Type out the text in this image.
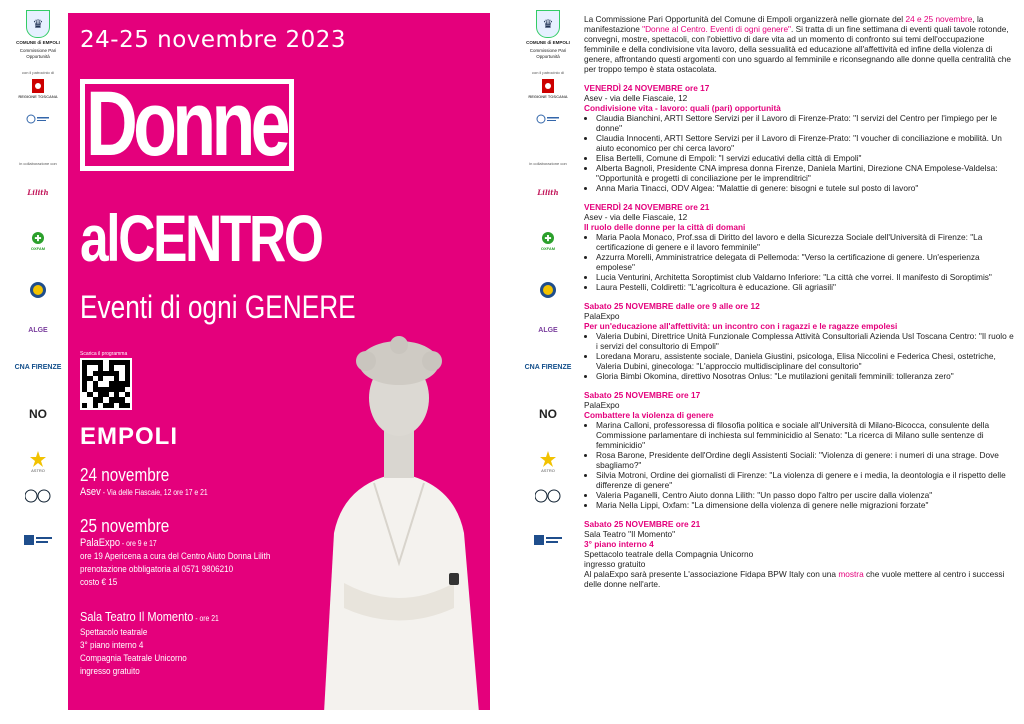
♛
COMUNE di EMPOLI
Commissione Pari Opportunità
con il patrocinio di
REGIONE TOSCANA
in collaborazione con
Lilith
✚
OXFAM
ALGE
CNA FIRENZE
NO
ASTRO
24-25 novembre 2023
Donne
alCENTRO
Eventi di ogni GENERE
Scarica il programma
EMPOLI
24 novembre
Asev - Via delle Fiascaie, 12 ore 17 e 21
25 novembre
PalaExpo - ore 9 e 17
ore 19 Apericena a cura del Centro Aiuto Donna Lilith
prenotazione obbligatoria al 0571 9806210
costo € 15
Sala Teatro Il Momento - ore 21
Spettacolo teatrale
3° piano interno 4
Compagnia Teatrale Unicorno
ingresso gratuito
♛
COMUNE di EMPOLI
Commissione Pari Opportunità
con il patrocinio di
REGIONE TOSCANA
in collaborazione con
Lilith
✚
OXFAM
ALGE
CNA FIRENZE
NO
ASTRO

La Commissione Pari Opportunità del Comune di Empoli organizzerà nelle giornate del 24 e 25 novembre, la manifestazione "Donne al Centro. Eventi di ogni genere". Si tratta di un fine settimana di eventi quali tavole rotonde, convegni, mostre, spettacoli, con l'obiettivo di dare vita ad un momento di confronto sui temi dell'occupazione femminile e della condivisione vita lavoro, della sessualità ed educazione all'affettività ed infine della violenza di genere, affrontando questi argomenti con uno sguardo al femminile e riconsegnando alle donne quella centralità che per troppo tempo è stata ostacolata.

VENERDÌ 24 NOVEMBRE ore 17
Asev - via delle Fiascaie, 12
Condivisione vita - lavoro: quali (pari) opportunità
• Claudia Bianchini, ARTI Settore Servizi per il Lavoro di Firenze-Prato: "I servizi del Centro per l'impiego per le donne"
• Claudia Innocenti, ARTI Settore Servizi per il Lavoro di Firenze-Prato: "I voucher di conciliazione e mobilità. Un aiuto economico per chi cerca lavoro"
• Elisa Bertelli, Comune di Empoli: "I servizi educativi della città di Empoli"
• Alberta Bagnoli, Presidente CNA impresa donna Firenze, Daniela Martini, Direzione CNA Empolese-Valdelsa: "Opportunità e progetti di conciliazione per le imprenditrici"
• Anna Maria Tinacci, ODV Algea: "Malattie di genere: bisogni e tutele sul posto di lavoro"
VENERDÌ 24 NOVEMBRE ore 21
Asev - via delle Fiascaie, 12
Il ruolo delle donne per la città di domani
• Maria Paola Monaco, Prof.ssa di Diritto del lavoro e della Sicurezza Sociale dell'Università di Firenze: "La certificazione di genere e il lavoro femminile"
• Azzurra Morelli, Amministratrice delegata di Pellemoda: "Verso la certificazione di genere. Un'esperienza empolese"
• Lucia Venturini, Architetta Soroptimist club Valdarno Inferiore: "La città che vorrei. Il manifesto di Soroptimis"
• Laura Pestelli, Coldiretti: "L'agricoltura è educazione. Gli agriasili"
Sabato 25 NOVEMBRE dalle ore 9 alle ore 12
PalaExpo
Per un'educazione all'affettività: un incontro con i ragazzi e le ragazze empolesi
• Valeria Dubini, Direttrice Unità Funzionale Complessa Attività Consultoriali Azienda Usl Toscana Centro: "Il ruolo e i servizi del consultorio di Empoli"
• Loredana Moraru, assistente sociale, Daniela Giustini, psicologa, Elisa Niccolini e Federica Chesi, ostetriche, Valeria Dubini, ginecologa: "L'approccio multidisciplinare del consultorio"
• Gloria Bimbi Okomina, direttivo Nosotras Onlus: "Le mutilazioni genitali femminili: tolleranza zero"
Sabato 25 NOVEMBRE ore 17
PalaExpo
Combattere la violenza di genere
• Marina Calloni, professoressa di filosofia politica e sociale all'Università di Milano-Bicocca, consulente della Commissione parlamentare di inchiesta sul femminicidio al Senato: "La ricerca di Milano sulle sentenze di femminicidio"
• Rosa Barone, Presidente dell'Ordine degli Assistenti Sociali: "Violenza di genere: i numeri di una strage. Dove sbagliamo?"
• Silvia Motroni, Ordine dei giornalisti di Firenze: "La violenza di genere e i media, la deontologia e il rispetto delle differenze di genere"
• Valeria Paganelli, Centro Aiuto donna Lilith: "Un passo dopo l'altro per uscire dalla violenza"
• Maria Nella Lippi, Oxfam: "La dimensione della violenza di genere nelle migrazioni forzate"
Sabato 25 NOVEMBRE ore 21
Sala Teatro "Il Momento"
3° piano interno 4
Spettacolo teatrale della Compagnia Unicorno
ingresso gratuito

Al palaExpo sarà presente L'associazione Fidapa BPW Italy con una mostra che vuole mettere al centro i successi delle donne nell'arte.
